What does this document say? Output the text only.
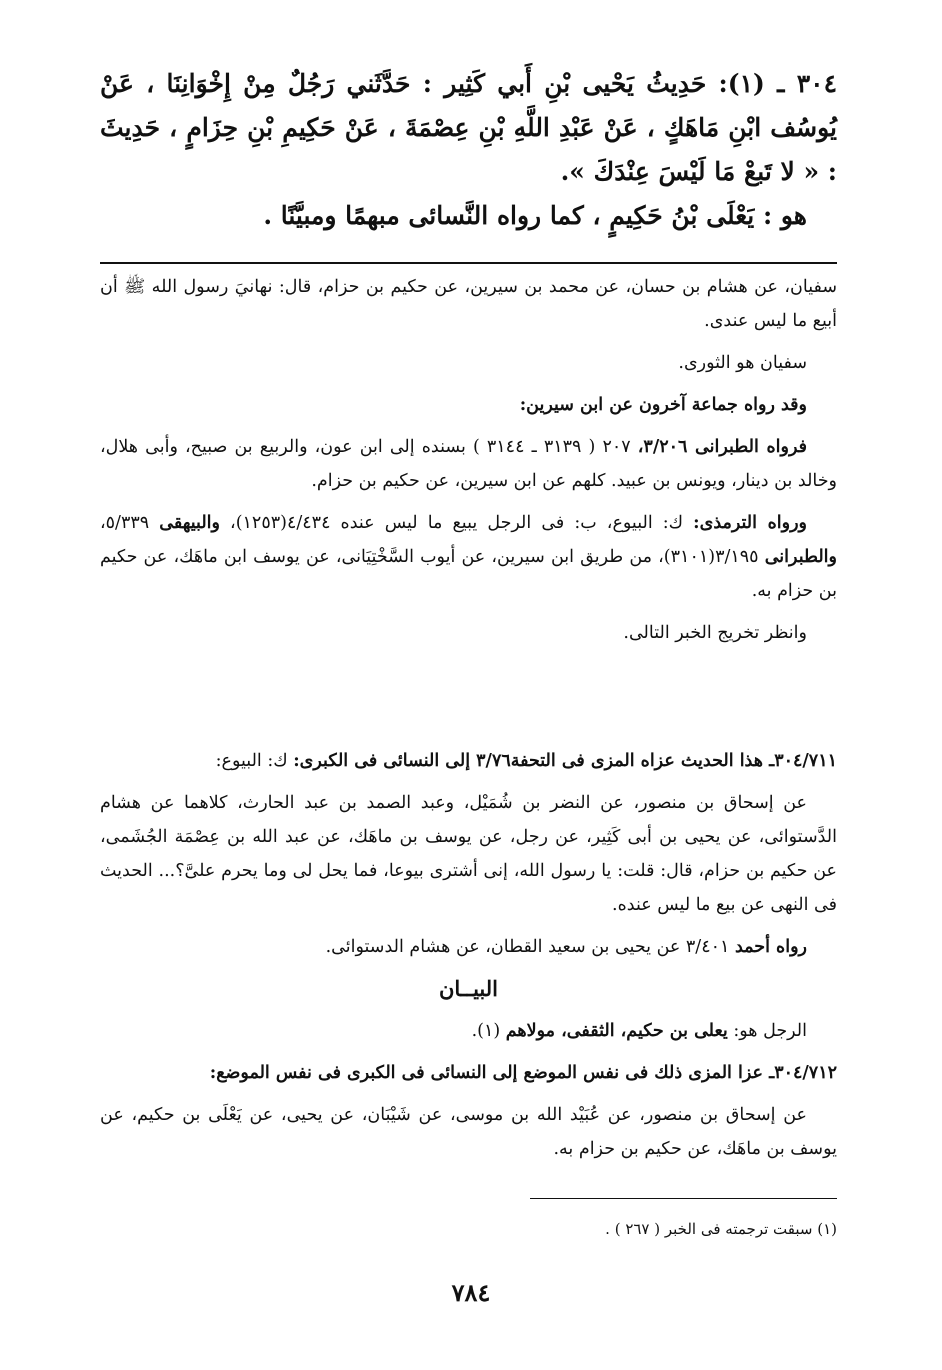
٣٠٤ ـ (١): حَدِيثُ يَحْيى بْنِ أَبي كَثِير : حَدَّثَني رَجُلٌ مِنْ إِخْوَانِنَا ، عَنْ يُوسُف ابْنِ مَاهَكٍ ، عَنْ عَبْدِ اللَّهِ بْنِ عِصْمَةَ ، عَنْ حَكِيمِ بْنِ حِزَامٍ ، حَدِيثَ : « لا تَبعْ مَا لَيْسَ عِنْدَكَ ».

هو : يَعْلَى بْنُ حَكِيمٍ ، كما رواه النَّسائى مبهمًا ومبيَّنًا .

سفيان، عن هشام بن حسان، عن محمد بن سيرين، عن حكيم بن حزام، قال: نهانيَ رسول الله ﷺ أن أبيع ما ليس عندى.

سفيان هو الثورى.

وقد رواه جماعة آخرون عن ابن سيرين:

فرواه الطبرانى ٣/٢٠٦، ٢٠٧ ( ٣١٣٩ ـ ٣١٤٤ ) بسنده إلى ابن عون، والربيع بن صبيح، وأبى هلال، وخالد بن دينار، ويونس بن عبيد. كلهم عن ابن سيرين، عن حكيم بن حزام.

ورواه الترمذى: ك: البيوع، ب: فى الرجل يبيع ما ليس عنده ٤/٤٣٤(١٢٥٣)، والبيهقى ٥/٣٣٩، والطبرانى ٣/١٩٥(٣١٠١)، من طريق ابن سيرين، عن أيوب السَّخْتِيَانى، عن يوسف ابن ماهَك، عن حكيم بن حزام به.

وانظر تخريج الخبر التالى.

٣٠٤/٧١١ـ هذا الحديث عزاه المزى فى التحفة٣/٧٦ إلى النسائى فى الكبرى: ك: البيوع:

عن إسحاق بن منصور، عن النضر بن شُمَيْل، وعبد الصمد بن عبد الحارث، كلاهما عن هشام الدَّستوائى، عن يحيى بن أبى كَثِير، عن رجل، عن يوسف بن ماهَك، عن عبد الله بن عِصْمَة الجُشَمى، عن حكيم بن حزام، قال: قلت: يا رسول الله، إنى أشترى بيوعا، فما يحل لى وما يحرم علىَّ؟... الحديث فى النهى عن بيع ما ليس عنده.

رواه أحمد ٣/٤٠١ عن يحيى بن سعيد القطان، عن هشام الدستوائى.

البيــان

الرجل هو: يعلى بن حكيم، الثقفى، مولاهم (١).

٣٠٤/٧١٢ـ عزا المزى ذلك فى نفس الموضع إلى النسائى فى الكبرى فى نفس الموضع:

عن إسحاق بن منصور، عن عُبَيْد الله بن موسى، عن شَيْبَان، عن يحيى، عن يَعْلَى بن حكيم، عن يوسف بن ماهَك، عن حكيم بن حزام به.

(١) سبقت ترجمته فى الخبر ( ٢٦٧ ) .
٧٨٤
